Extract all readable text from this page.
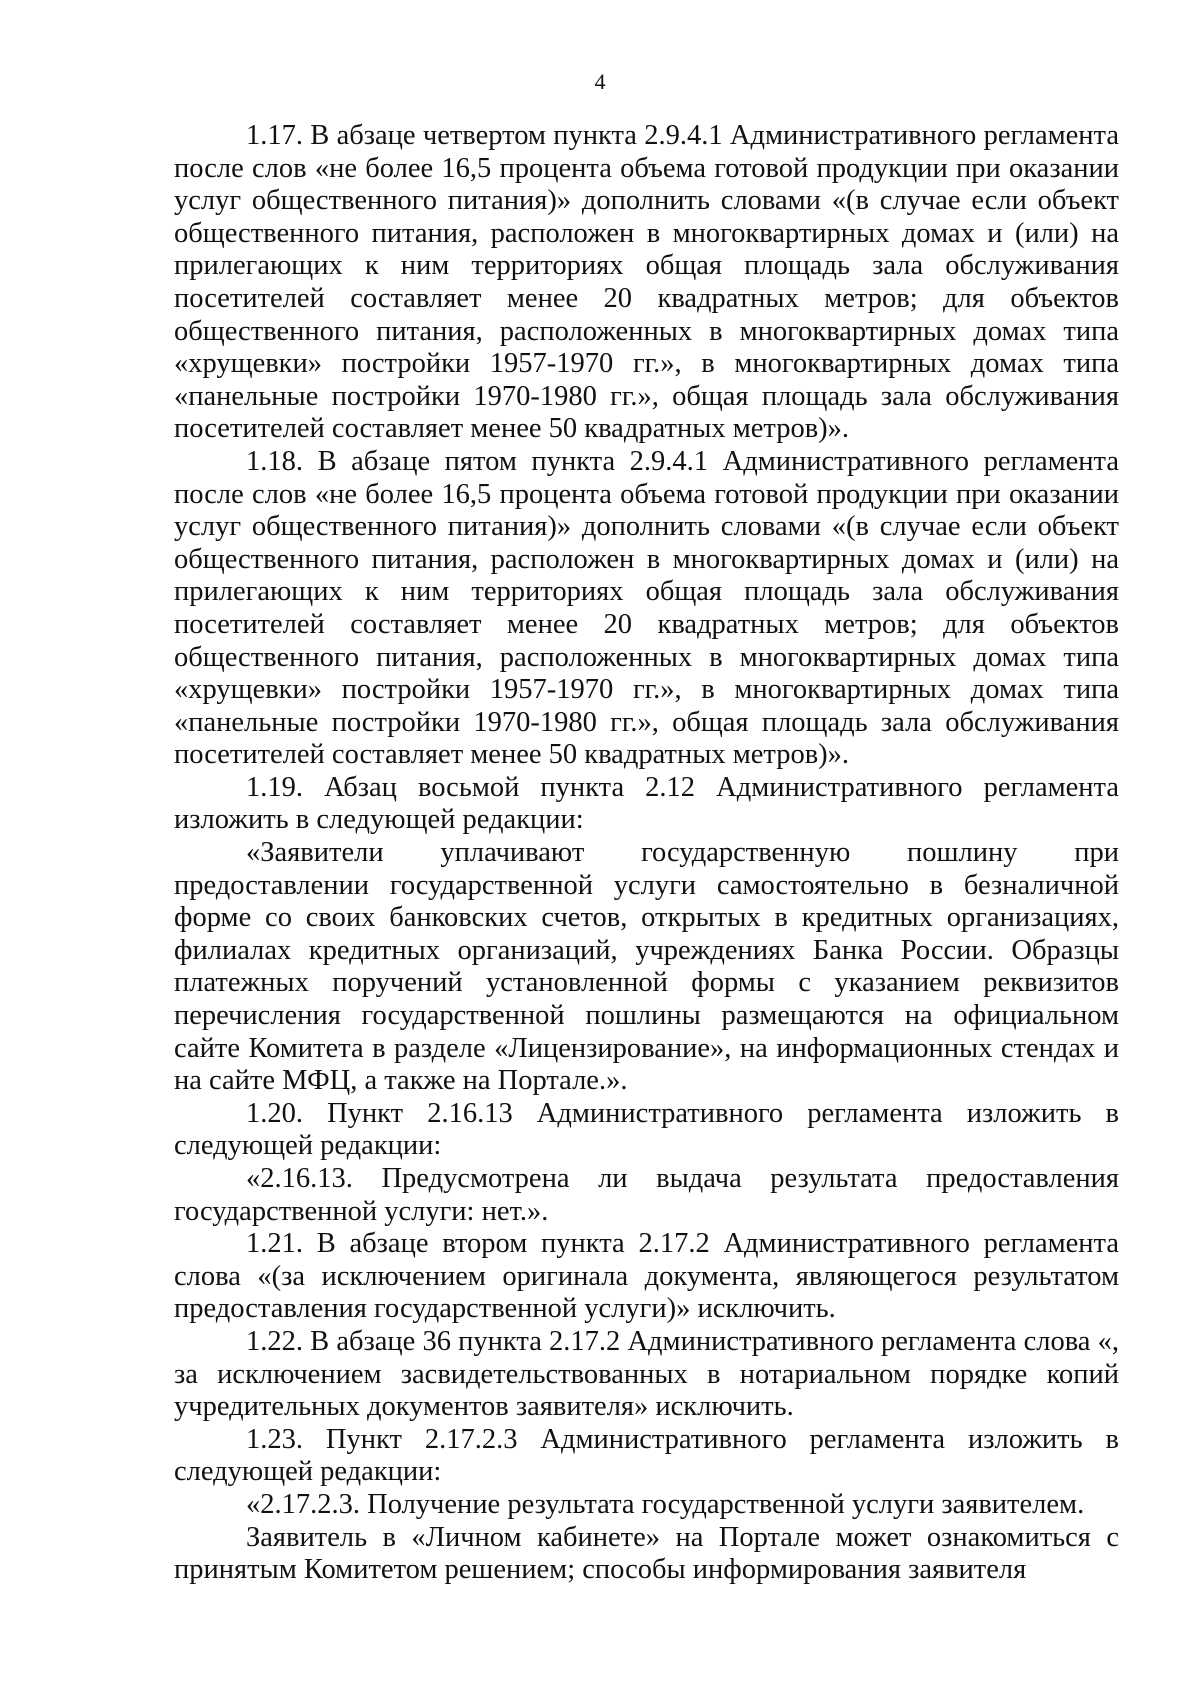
4

1.17. В абзаце четвертом пункта 2.9.4.1 Административного регламента после слов «не более 16,5 процента объема готовой продукции при оказании услуг общественного питания)» дополнить словами «(в случае если объект общественного питания, расположен в многоквартирных домах и (или) на прилегающих к ним территориях общая площадь зала обслуживания посетителей составляет менее 20 квадратных метров; для объектов общественного питания, расположенных в многоквартирных домах типа «хрущевки» постройки 1957-1970 гг.», в многоквартирных домах типа «панельные постройки 1970-1980 гг.», общая площадь зала обслуживания посетителей составляет менее 50 квадратных метров)».

1.18. В абзаце пятом пункта 2.9.4.1 Административного регламента после слов «не более 16,5 процента объема готовой продукции при оказании услуг общественного питания)» дополнить словами «(в случае если объект общественного питания, расположен в многоквартирных домах и (или) на прилегающих к ним территориях общая площадь зала обслуживания посетителей составляет менее 20 квадратных метров; для объектов общественного питания, расположенных в многоквартирных домах типа «хрущевки» постройки 1957-1970 гг.», в многоквартирных домах типа «панельные постройки 1970-1980 гг.», общая площадь зала обслуживания посетителей составляет менее 50 квадратных метров)».

1.19. Абзац восьмой пункта 2.12 Административного регламента изложить в следующей редакции:

«Заявители уплачивают государственную пошлину при предоставлении государственной услуги самостоятельно в безналичной форме со своих банковских счетов, открытых в кредитных организациях, филиалах кредитных организаций, учреждениях Банка России. Образцы платежных поручений установленной формы с указанием реквизитов перечисления государственной пошлины размещаются на официальном сайте Комитета в разделе «Лицензирование», на информационных стендах и на сайте МФЦ, а также на Портале.».

1.20. Пункт 2.16.13 Административного регламента изложить в следующей редакции:

«2.16.13. Предусмотрена ли выдача результата предоставления государственной услуги: нет.».

1.21. В абзаце втором пункта 2.17.2 Административного регламента слова «(за исключением оригинала документа, являющегося результатом предоставления государственной услуги)» исключить.

1.22. В абзаце 36 пункта 2.17.2 Административного регламента слова «, за исключением засвидетельствованных в нотариальном порядке копий учредительных документов заявителя» исключить.

1.23. Пункт 2.17.2.3 Административного регламента изложить в следующей редакции:

«2.17.2.3. Получение результата государственной услуги заявителем.

Заявитель в «Личном кабинете» на Портале может ознакомиться с принятым Комитетом решением; способы информирования заявителя
